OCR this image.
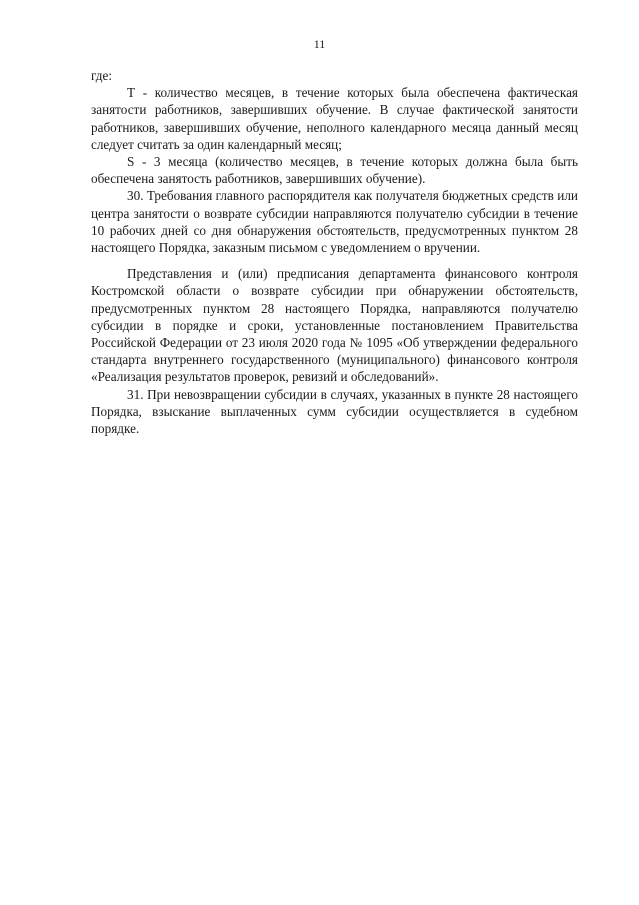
11

где:

Т - количество месяцев, в течение которых была обеспечена фактическая занятости работников, завершивших обучение. В случае фактической занятости работников, завершивших обучение, неполного календарного месяца данный месяц следует считать за один календарный месяц;

S - 3 месяца (количество месяцев, в течение которых должна была быть обеспечена занятость работников, завершивших обучение).

30. Требования главного распорядителя как получателя бюджетных средств или центра занятости о возврате субсидии направляются получателю субсидии в течение 10 рабочих дней со дня обнаружения обстоятельств, предусмотренных пунктом 28 настоящего Порядка, заказным письмом с уведомлением о вручении.

Представления и (или) предписания департамента финансового контроля Костромской области о возврате субсидии при обнаружении обстоятельств, предусмотренных пунктом 28 настоящего Порядка, направляются получателю субсидии в порядке и сроки, установленные постановлением Правительства Российской Федерации от 23 июля 2020 года № 1095 «Об утверждении федерального стандарта внутреннего государственного (муниципального) финансового контроля «Реализация результатов проверок, ревизий и обследований».

31. При невозвращении субсидии в случаях, указанных в пункте 28 настоящего Порядка, взыскание выплаченных сумм субсидии осуществляется в судебном порядке.
